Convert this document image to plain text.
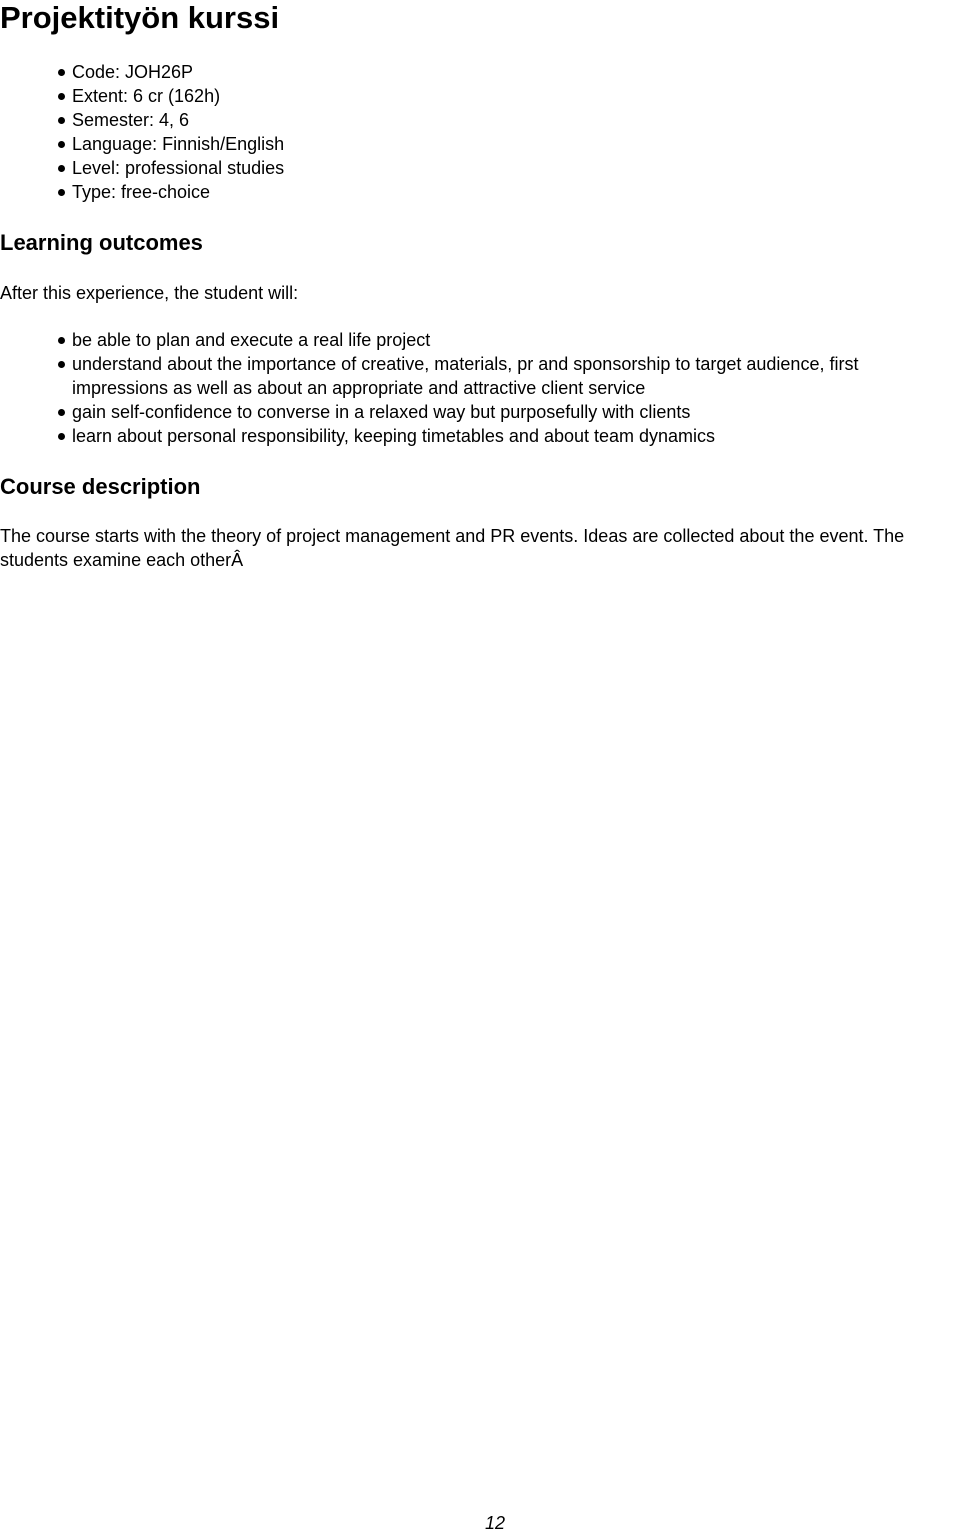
Projektityön kurssi
Code: JOH26P
Extent: 6 cr (162h)
Semester: 4, 6
Language: Finnish/English
Level: professional studies
Type: free-choice
Learning outcomes

After this experience, the student will:

be able to plan and execute a real life project
understand about the importance of creative, materials, pr and sponsorship to target audience, first impressions as well as about an appropriate and attractive client service
gain self-confidence to converse in a relaxed way but purposefully with clients
learn about personal responsibility, keeping timetables and about team dynamics
Course description

The course starts with the theory of project management and PR events. Ideas are collected about the event. The students examine each otherÂ

12
